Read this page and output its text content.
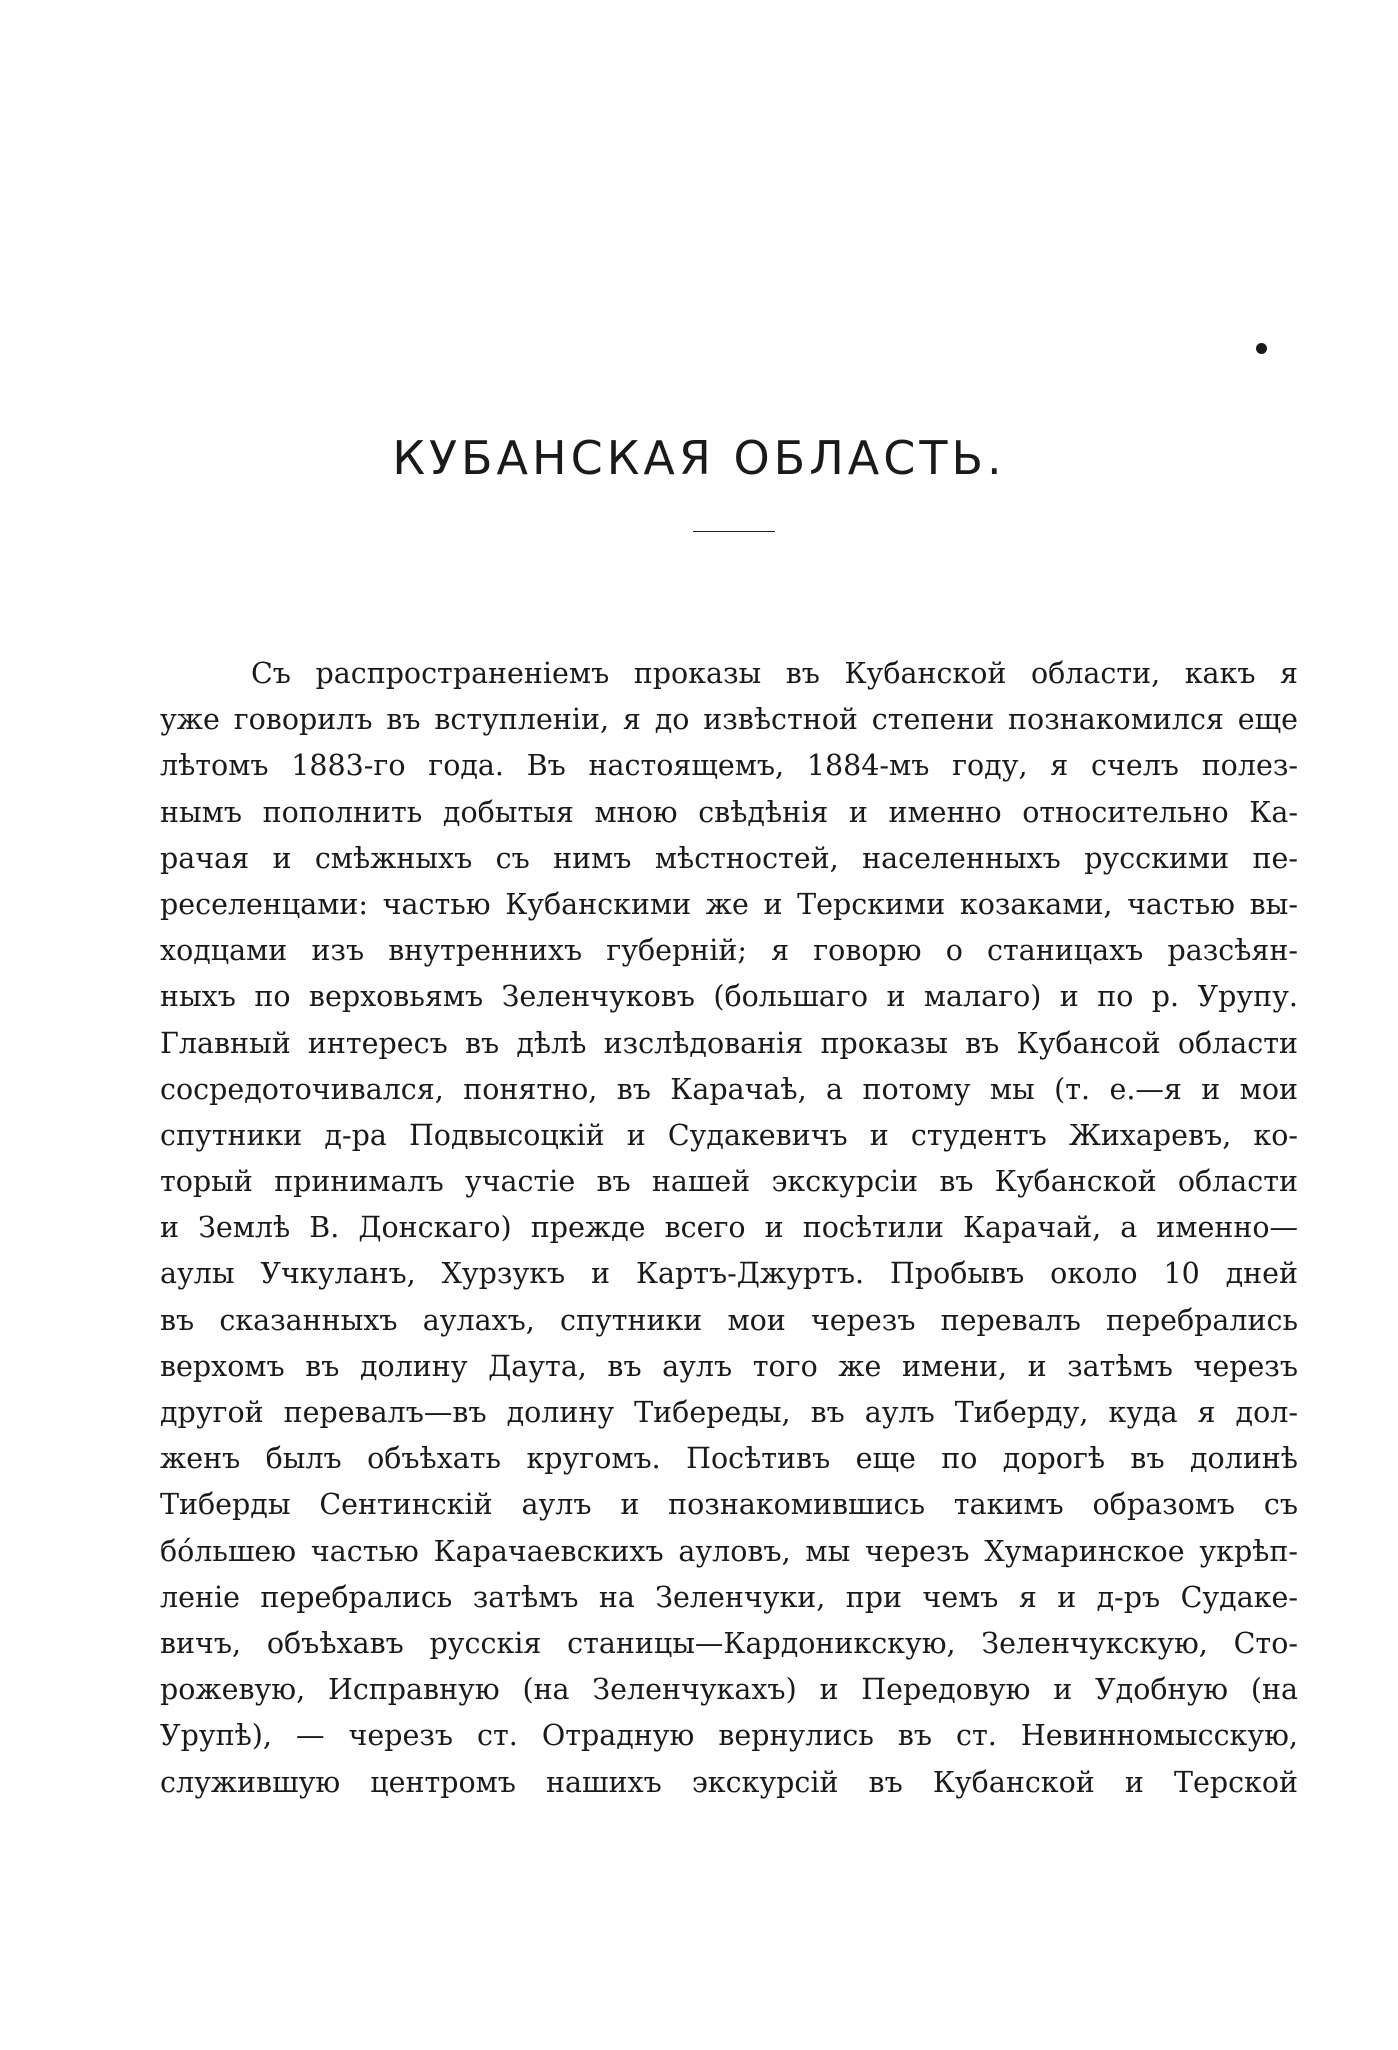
КУБАНСКАЯ ОБЛАСТЬ.
Съ распространеніемъ проказы въ Кубанской области, какъ я
уже говорилъ въ вступленіи, я до извѣстной степени познакомился еще
лѣтомъ 1883-го года. Въ настоящемъ, 1884-мъ году, я счелъ полез-
нымъ пополнить добытыя мною свѣдѣнія и именно относительно Ка-
рачая и смѣжныхъ съ нимъ мѣстностей, населенныхъ русскими пе-
реселенцами: частью Кубанскими же и Терскими козаками, частью вы-
ходцами изъ внутреннихъ губерній; я говорю о станицахъ разсѣян-
ныхъ по верховьямъ Зеленчуковъ (большаго и малаго) и по р. Урупу.
Главный интересъ въ дѣлѣ изслѣдованія проказы въ Кубансой области
сосредоточивался, понятно, въ Карачаѣ, а потому мы (т. е.—я и мои
спутники д-ра Подвысоцкій и Судакевичъ и студентъ Жихаревъ, ко-
торый принималъ участіе въ нашей экскурсіи въ Кубанской области
и Землѣ В. Донскаго) прежде всего и посѣтили Карачай, а именно—
аулы Учкуланъ, Хурзукъ и Картъ-Джуртъ. Пробывъ около 10 дней
въ сказанныхъ аулахъ, спутники мои черезъ перевалъ перебрались
верхомъ въ долину Даута, въ аулъ того же имени, и затѣмъ черезъ
другой перевалъ—въ долину Тибереды, въ аулъ Тиберду, куда я дол-
женъ былъ объѣхать кругомъ. Посѣтивъ еще по дорогѣ въ долинѣ
Тиберды Сентинскій аулъ и познакомившись такимъ образомъ съ
бо́льшею частью Карачаевскихъ ауловъ, мы черезъ Хумаринское укрѣп-
леніе перебрались затѣмъ на Зеленчуки, при чемъ я и д-ръ Судаке-
вичъ, объѣхавъ русскія станицы—Кардоникскую, Зеленчукскую, Сто-
рожевую, Исправную (на Зеленчукахъ) и Передовую и Удобную (на
Урупѣ), — черезъ ст. Отрадную вернулись въ ст. Невинномысскую,
служившую центромъ нашихъ экскурсій въ Кубанской и Терской
